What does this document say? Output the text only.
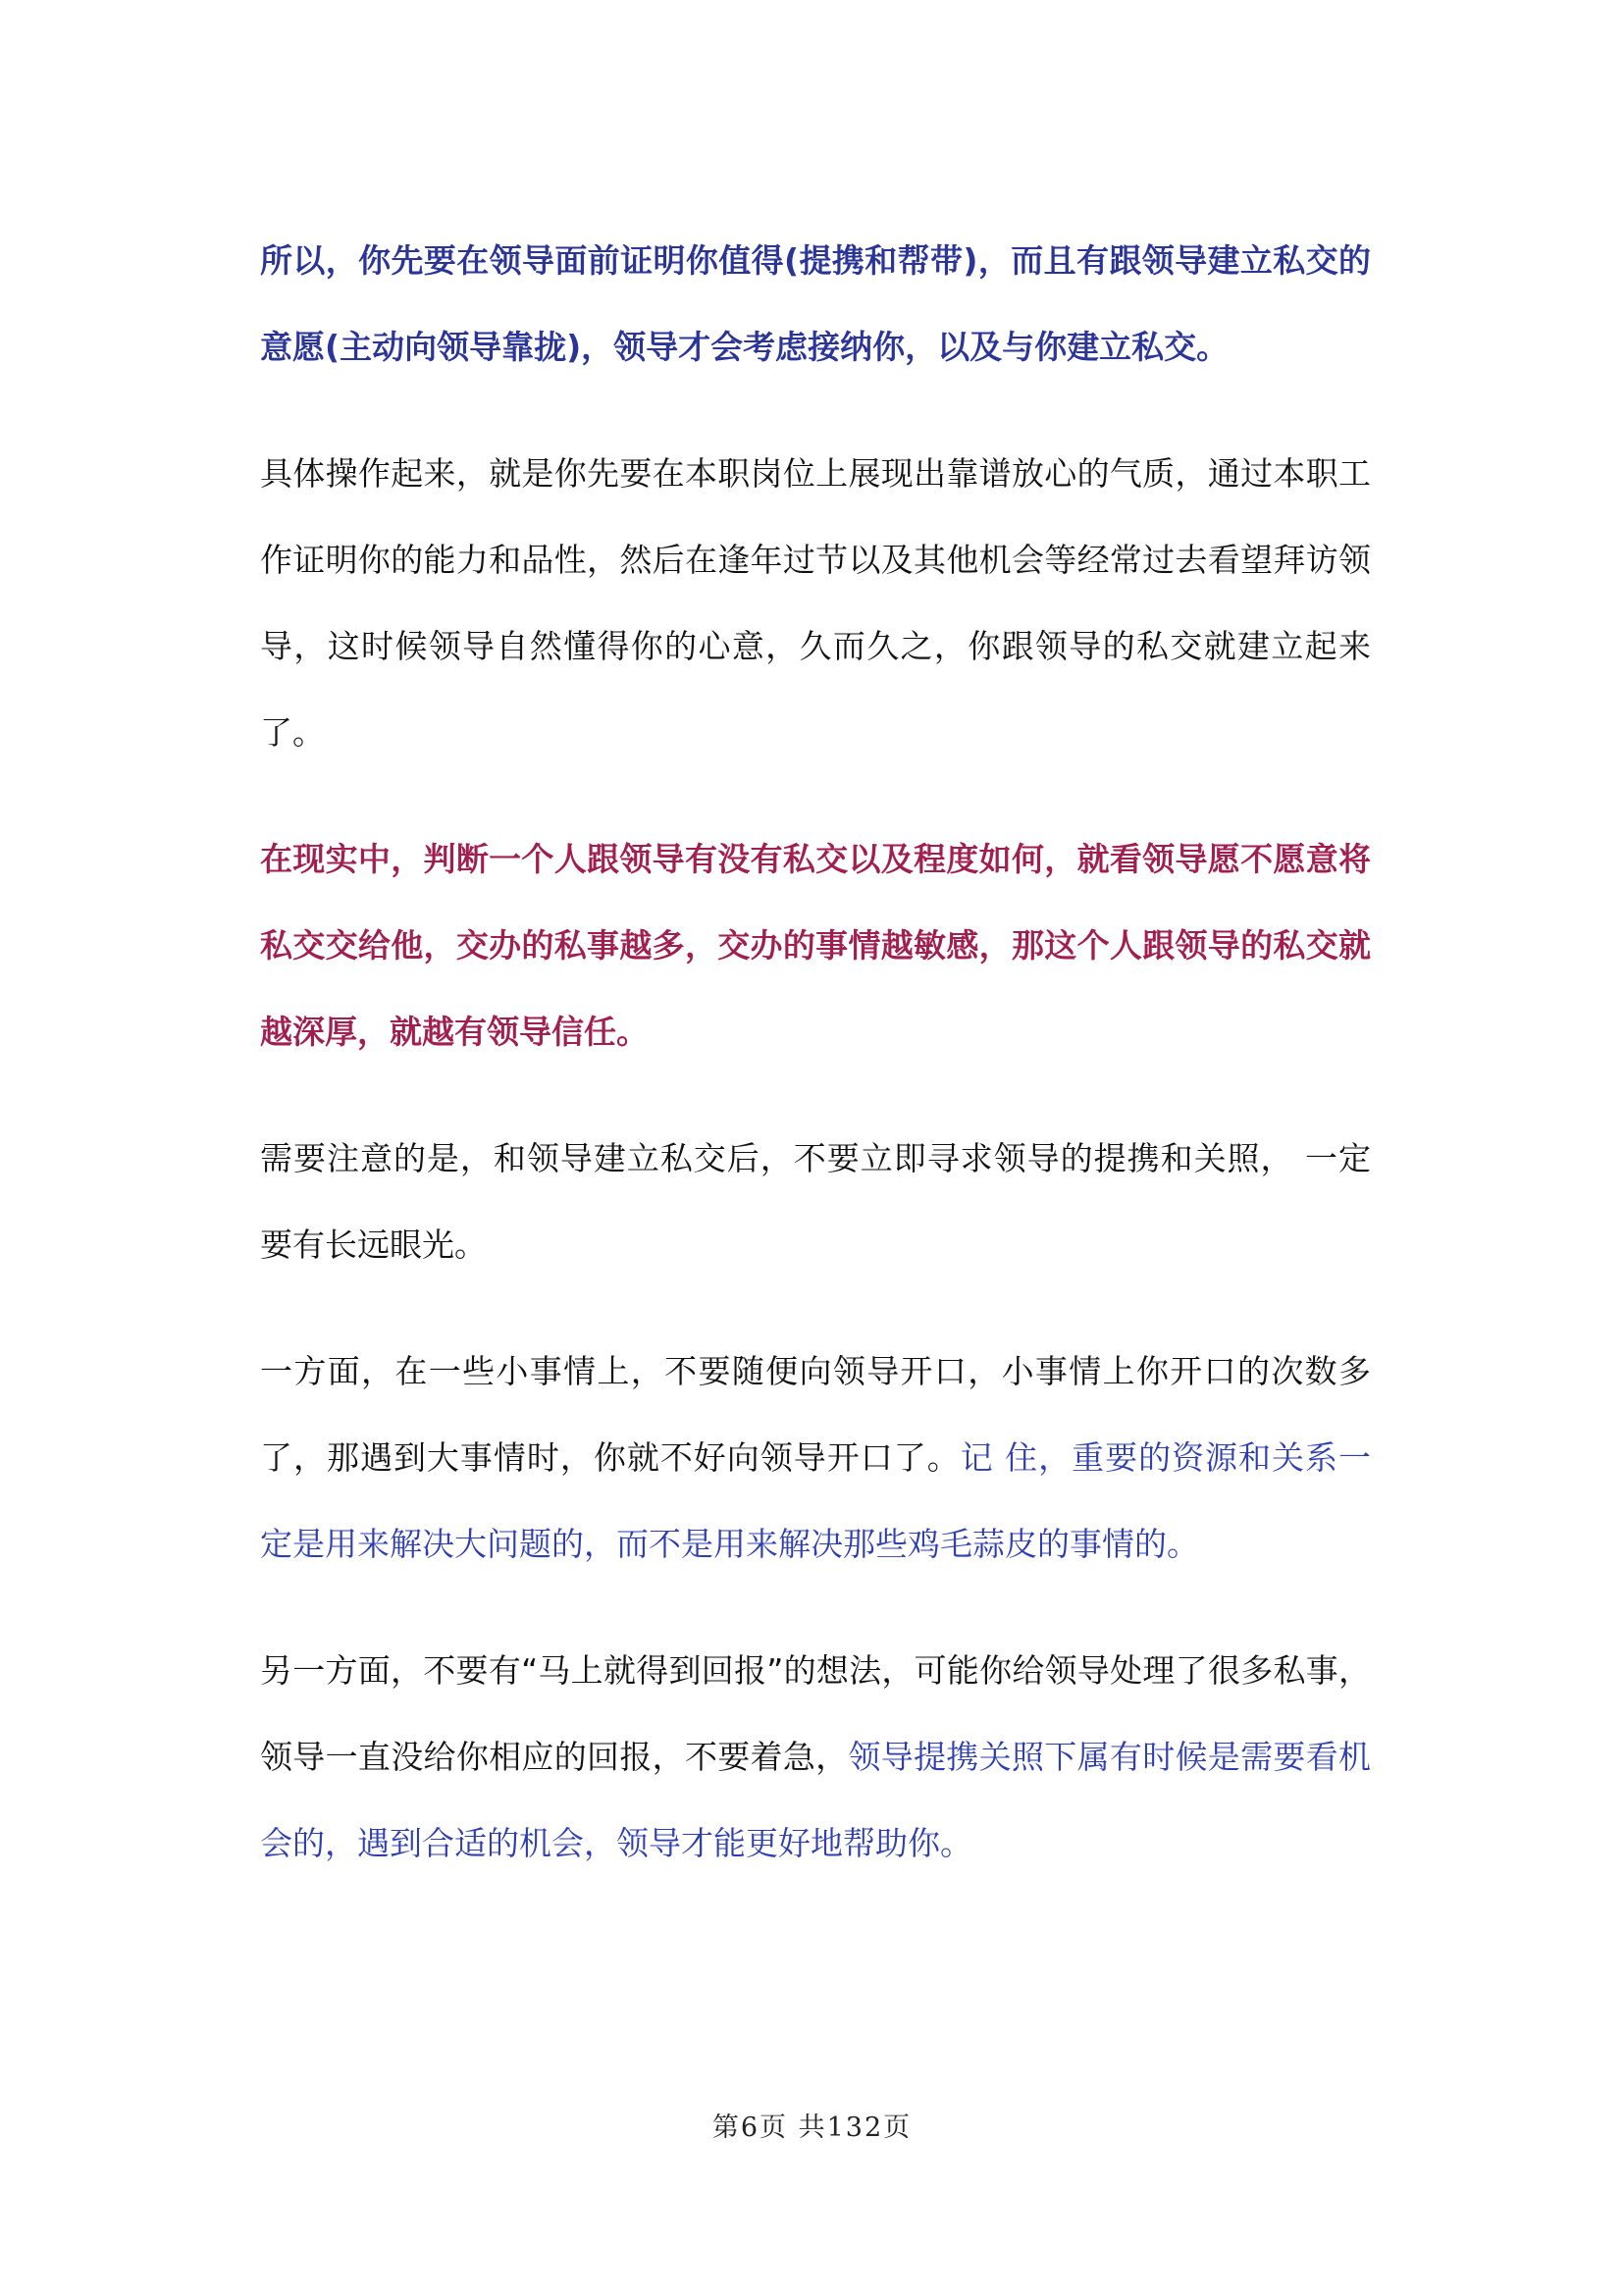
所以，你先要在领导面前证明你值得(提携和帮带)，而且有跟领导建立私交的意愿(主动向领导靠拢)，领导才会考虑接纳你，以及与你建立私交。

具体操作起来，就是你先要在本职岗位上展现出靠谱放心的气质，通过本职工作证明你的能力和品性，然后在逢年过节以及其他机会等经常过去看望拜访领导，这时候领导自然懂得你的心意，久而久之，你跟领导的私交就建立起来了。

在现实中，判断一个人跟领导有没有私交以及程度如何，就看领导愿不愿意将私交交给他，交办的私事越多，交办的事情越敏感，那这个人跟领导的私交就越深厚，就越有领导信任。

需要注意的是，和领导建立私交后，不要立即寻求领导的提携和关照， 一定要有长远眼光。

一方面，在一些小事情上，不要随便向领导开口，小事情上你开口的次数多了，那遇到大事情时，你就不好向领导开口了。记 住，重要的资源和关系一定是用来解决大问题的，而不是用来解决那些鸡毛蒜皮的事情的。

另一方面，不要有“马上就得到回报”的想法，可能你给领导处理了很多私事，领导一直没给你相应的回报，不要着急，领导提携关照下属有时候是需要看机会的，遇到合适的机会，领导才能更好地帮助你。

第6页 共132页
